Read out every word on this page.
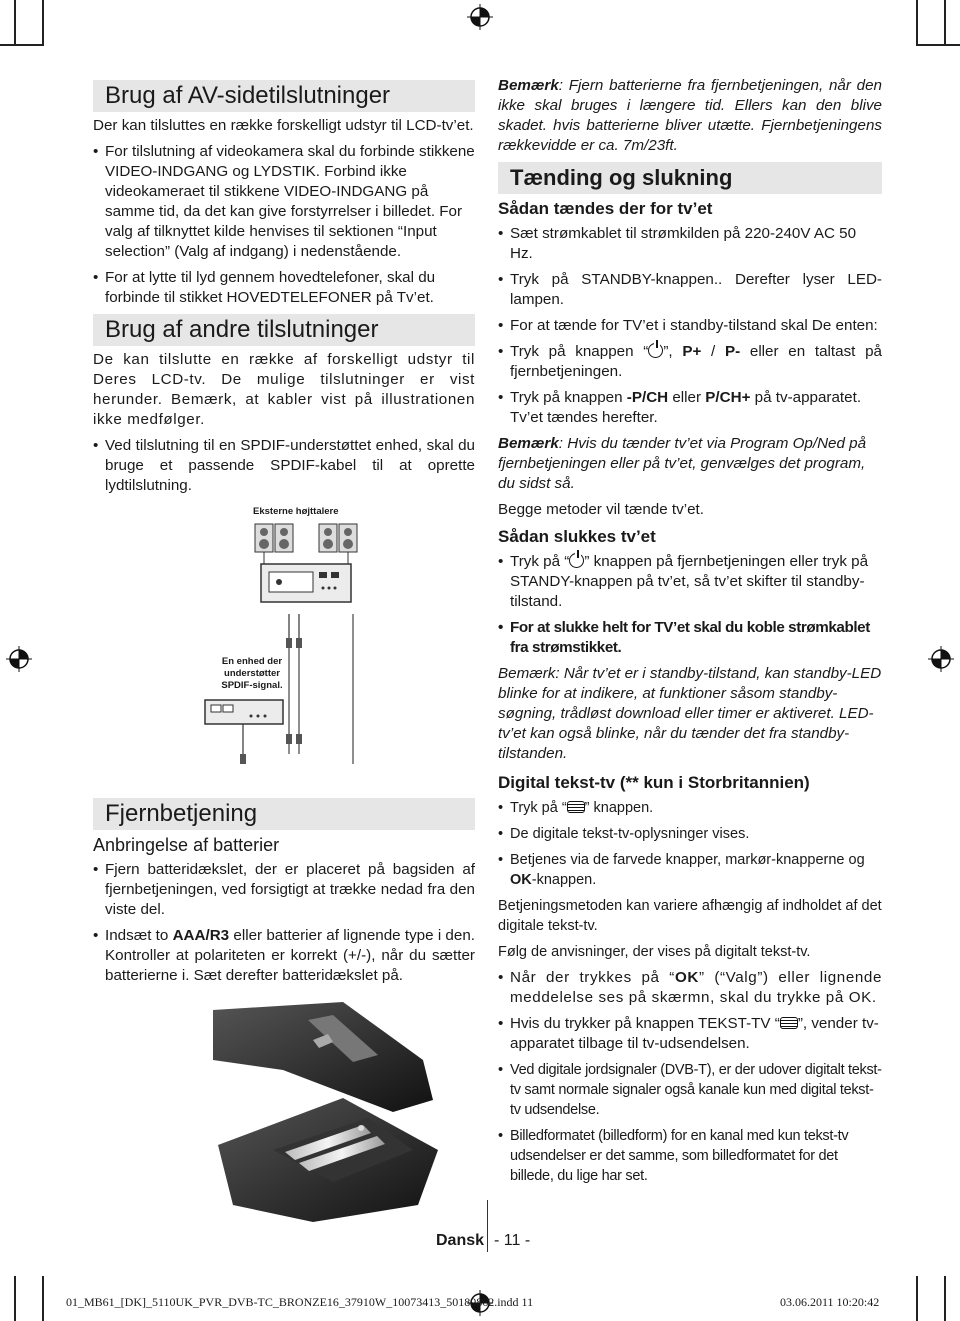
Brug af AV-sidetilslutninger

Der kan tilsluttes en række forskelligt udstyr til LCD-tv’et.

• For tilslutning af videokamera skal du forbinde stikkene VIDEO-INDGANG og LYDSTIK. Forbind ikke videokameraet til stikkene VIDEO-INDGANG på samme tid, da det kan give forstyrrelser i billedet. For valg af tilknyttet kilde henvises til sektionen “Input selection” (Valg af indgang) i nedenstående.
• For at lytte til lyd gennem hovedtelefoner, skal du forbinde til stikket HOVEDTELEFONER på Tv’et.
Brug af andre tilslutninger

De kan tilslutte en række af forskelligt udstyr til Deres LCD-tv. De mulige tilslutninger er vist herunder. Bemærk, at kabler vist på illustrationen ikke medfølger.

• Ved tilslutning til en SPDIF-understøttet enhed, skal du bruge et passende SPDIF-kabel til at oprette lydtilslutning.
Eksterne højttalere
En enhed der understøtter SPDIF-signal.
Fjernbetjening
Anbringelse af batterier
• Fjern batteridækslet, der er placeret på bagsiden af fjernbetjeningen, ved forsigtigt at trække nedad fra den viste del.
• Indsæt to AAA/R3 eller batterier af lignende type i den. Kontroller at polariteten er korrekt (+/-), når du sætter batterierne i. Sæt derefter batteridækslet på.

Bemærk: Fjern batterierne fra fjernbetjeningen, når den ikke skal bruges i længere tid. Ellers kan den blive skadet. hvis batterierne bliver utætte. Fjernbetjeningens rækkevidde er ca. 7m/23ft.

Tænding og slukning
Sådan tændes der for tv’et
• Sæt strømkablet til strømkilden på 220-240V AC 50 Hz.
• Tryk på STANDBY-knappen.. Derefter lyser LED-lampen.
• For at tænde for TV’et i standby-tilstand skal De enten:
• Tryk på knappen “ ”, P+ / P- eller en taltast på fjernbetjeningen.
• Tryk på knappen -P/CH eller P/CH+ på tv-apparatet. Tv’et tændes herefter.

Bemærk: Hvis du tænder tv’et via Program Op/Ned på fjernbetjeningen eller på tv’et, genvælges det program, du sidst så.

Begge metoder vil tænde tv’et.

Sådan slukkes tv’et
• Tryk på “ ” knappen på fjernbetjeningen eller tryk på STANDY-knappen på tv’et, så tv’et skifter til standby-tilstand.
• For at slukke helt for TV’et skal du koble strømkablet fra strømstikket.

Bemærk: Når tv’et er i standby-tilstand, kan standby-LED blinke for at indikere, at funktioner såsom standby-søgning, trådløst download eller timer er aktiveret. LED-tv’et kan også blinke, når du tænder det fra standby-tilstanden.

Digital tekst-tv (** kun i Storbritannien)
• Tryk på “ ” knappen.
• De digitale tekst-tv-oplysninger vises.
• Betjenes via de farvede knapper, markør-knapperne og OK-knappen.

Betjeningsmetoden kan variere afhængig af indholdet af det digitale tekst-tv.

Følg de anvisninger, der vises på digitalt tekst-tv.

• Når der trykkes på “OK” (“Valg”) eller lignende meddelelse ses på skærmn, skal du trykke på OK.
• Hvis du trykker på knappen TEKST-TV “ ”, vender tv-apparatet tilbage til tv-udsendelsen.
• Ved digitale jordsignaler (DVB-T), er der udover digitalt tekst-tv samt normale signaler også kanale kun med digital tekst-tv udsendelse.
• Billedformatet (billedform) for en kanal med kun tekst-tv udsendelser er det samme, som billedformatet for det billede, du lige har set.
Dansk - 11 -
01_MB61_[DK]_5110UK_PVR_DVB-TC_BRONZE16_37910W_10073413_50189862.indd 11	03.06.2011 10:20:42
